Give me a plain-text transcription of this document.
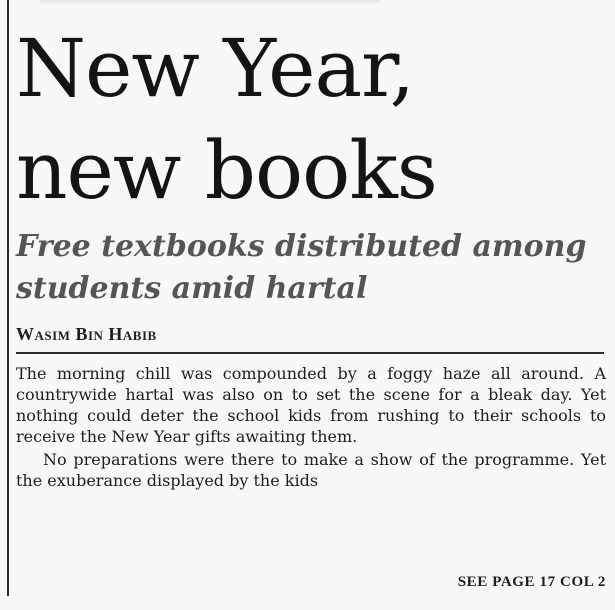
New Year,
new books
Free textbooks distributed among
students amid hartal
Wasim Bin Habib

The morning chill was compounded by a foggy haze all around. A countrywide hartal was also on to set the scene for a bleak day. Yet nothing could deter the school kids from rushing to their schools to receive the New Year gifts awaiting them.

No preparations were there to make a show of the programme. Yet the exuberance displayed by the kids

SEE PAGE 17 COL 2
